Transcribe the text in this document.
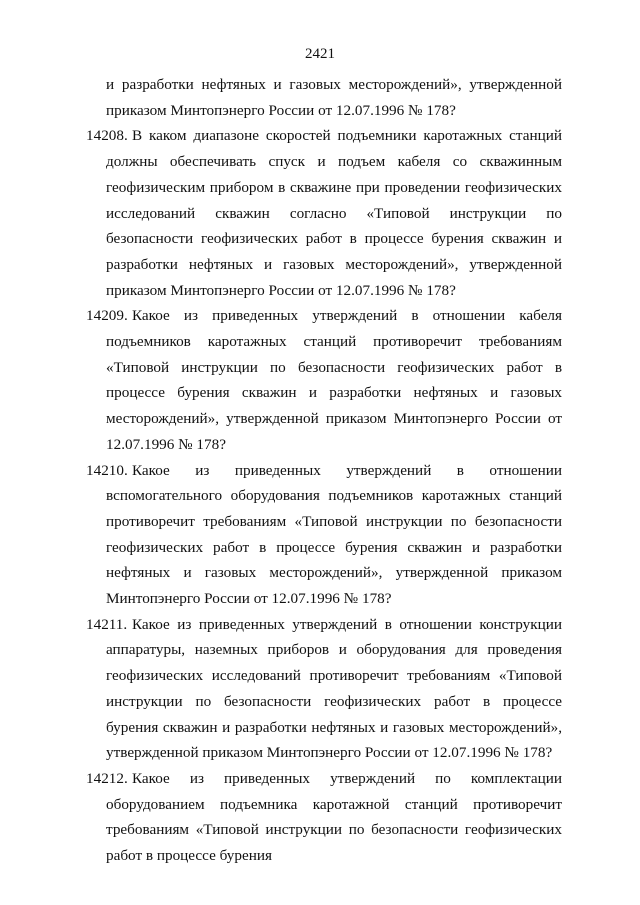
2421
и разработки нефтяных и газовых месторождений», утвержденной приказом Минтопэнерго России от 12.07.1996 № 178?
14208. В каком диапазоне скоростей подъемники каротажных станций должны обеспечивать спуск и подъем кабеля со скважинным геофизическим прибором в скважине при проведении геофизических исследований скважин согласно «Типовой инструкции по безопасности геофизических работ в процессе бурения скважин и разработки нефтяных и газовых месторождений», утвержденной приказом Минтопэнерго России от 12.07.1996 № 178?
14209. Какое из приведенных утверждений в отношении кабеля подъемников каротажных станций противоречит требованиям «Типовой инструкции по безопасности геофизических работ в процессе бурения скважин и разработки нефтяных и газовых месторождений», утвержденной приказом Минтопэнерго России от 12.07.1996 № 178?
14210. Какое из приведенных утверждений в отношении вспомогательного оборудования подъемников каротажных станций противоречит требованиям «Типовой инструкции по безопасности геофизических работ в процессе бурения скважин и разработки нефтяных и газовых месторождений», утвержденной приказом Минтопэнерго России от 12.07.1996 № 178?
14211. Какое из приведенных утверждений в отношении конструкции аппаратуры, наземных приборов и оборудования для проведения геофизических исследований противоречит требованиям «Типовой инструкции по безопасности геофизических работ в процессе бурения скважин и разработки нефтяных и газовых месторождений», утвержденной приказом Минтопэнерго России от 12.07.1996 № 178?
14212. Какое из приведенных утверждений по комплектации оборудованием подъемника каротажной станций противоречит требованиям «Типовой инструкции по безопасности геофизических работ в процессе бурения
